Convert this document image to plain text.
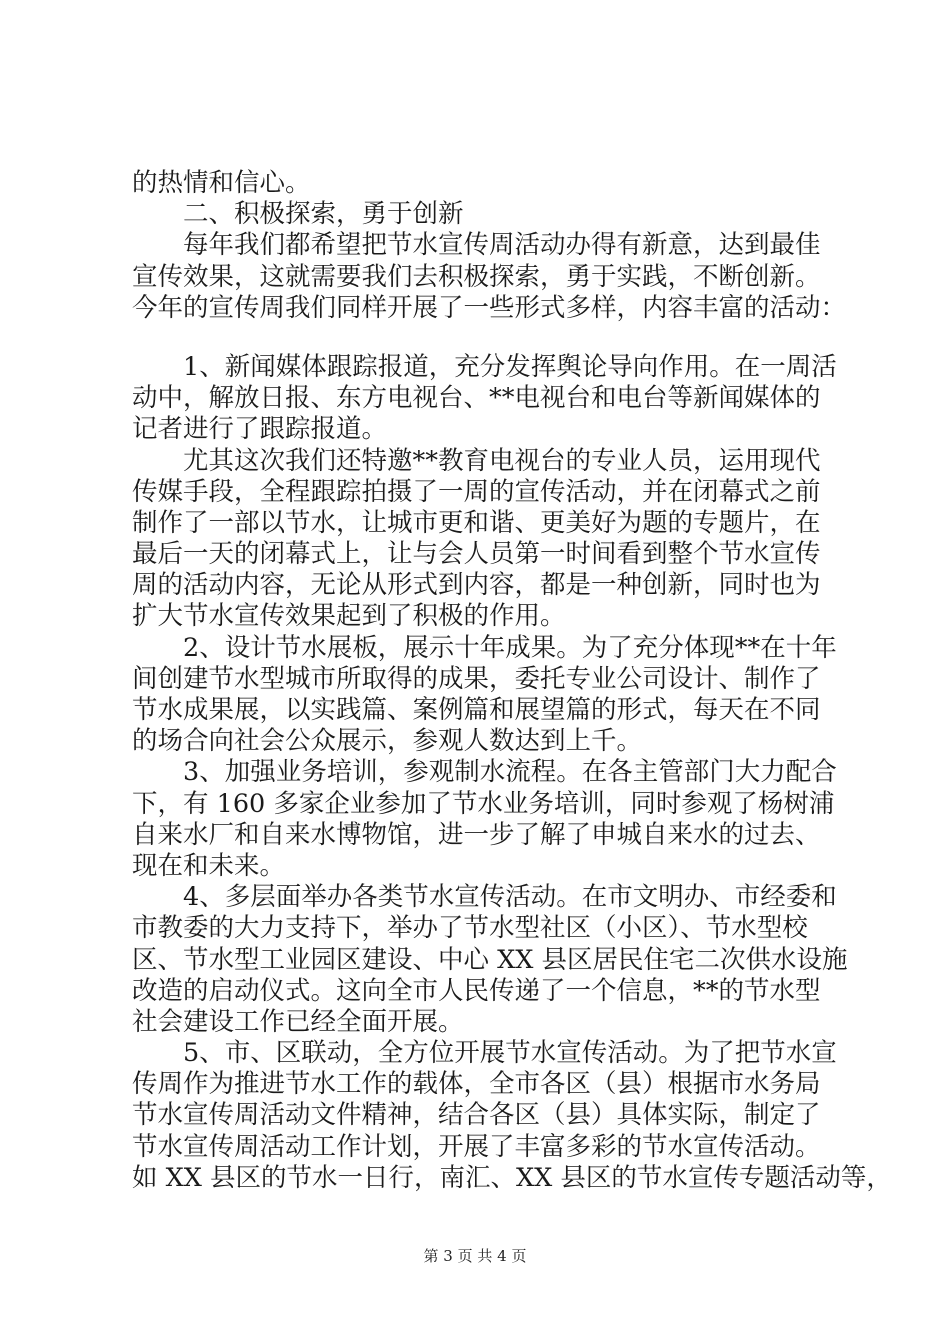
的热情和信心。
　　二、积极探索，勇于创新
　　每年我们都希望把节水宣传周活动办得有新意，达到最佳
宣传效果，这就需要我们去积极探索，勇于实践，不断创新。
今年的宣传周我们同样开展了一些形式多样，内容丰富的活动：
　　1、新闻媒体跟踪报道，充分发挥舆论导向作用。在一周活
动中，解放日报、东方电视台、**电视台和电台等新闻媒体的
记者进行了跟踪报道。
　　尤其这次我们还特邀**教育电视台的专业人员，运用现代
传媒手段，全程跟踪拍摄了一周的宣传活动，并在闭幕式之前
制作了一部以节水，让城市更和谐、更美好为题的专题片，在
最后一天的闭幕式上，让与会人员第一时间看到整个节水宣传
周的活动内容，无论从形式到内容，都是一种创新，同时也为
扩大节水宣传效果起到了积极的作用。
　　2、设计节水展板，展示十年成果。为了充分体现**在十年
间创建节水型城市所取得的成果，委托专业公司设计、制作了
节水成果展，以实践篇、案例篇和展望篇的形式，每天在不同
的场合向社会公众展示，参观人数达到上千。
　　3、加强业务培训，参观制水流程。在各主管部门大力配合
下，有 160 多家企业参加了节水业务培训，同时参观了杨树浦
自来水厂和自来水博物馆，进一步了解了申城自来水的过去、
现在和未来。
　　4、多层面举办各类节水宣传活动。在市文明办、市经委和
市教委的大力支持下，举办了节水型社区（小区）、节水型校
区、节水型工业园区建设、中心 XX 县区居民住宅二次供水设施
改造的启动仪式。这向全市人民传递了一个信息，**的节水型
社会建设工作已经全面开展。
　　5、市、区联动，全方位开展节水宣传活动。为了把节水宣
传周作为推进节水工作的载体，全市各区（县）根据市水务局
节水宣传周活动文件精神，结合各区（县）具体实际，制定了
节水宣传周活动工作计划，开展了丰富多彩的节水宣传活动。
如 XX 县区的节水一日行，南汇、XX 县区的节水宣传专题活动等，
第 3 页 共 4 页
